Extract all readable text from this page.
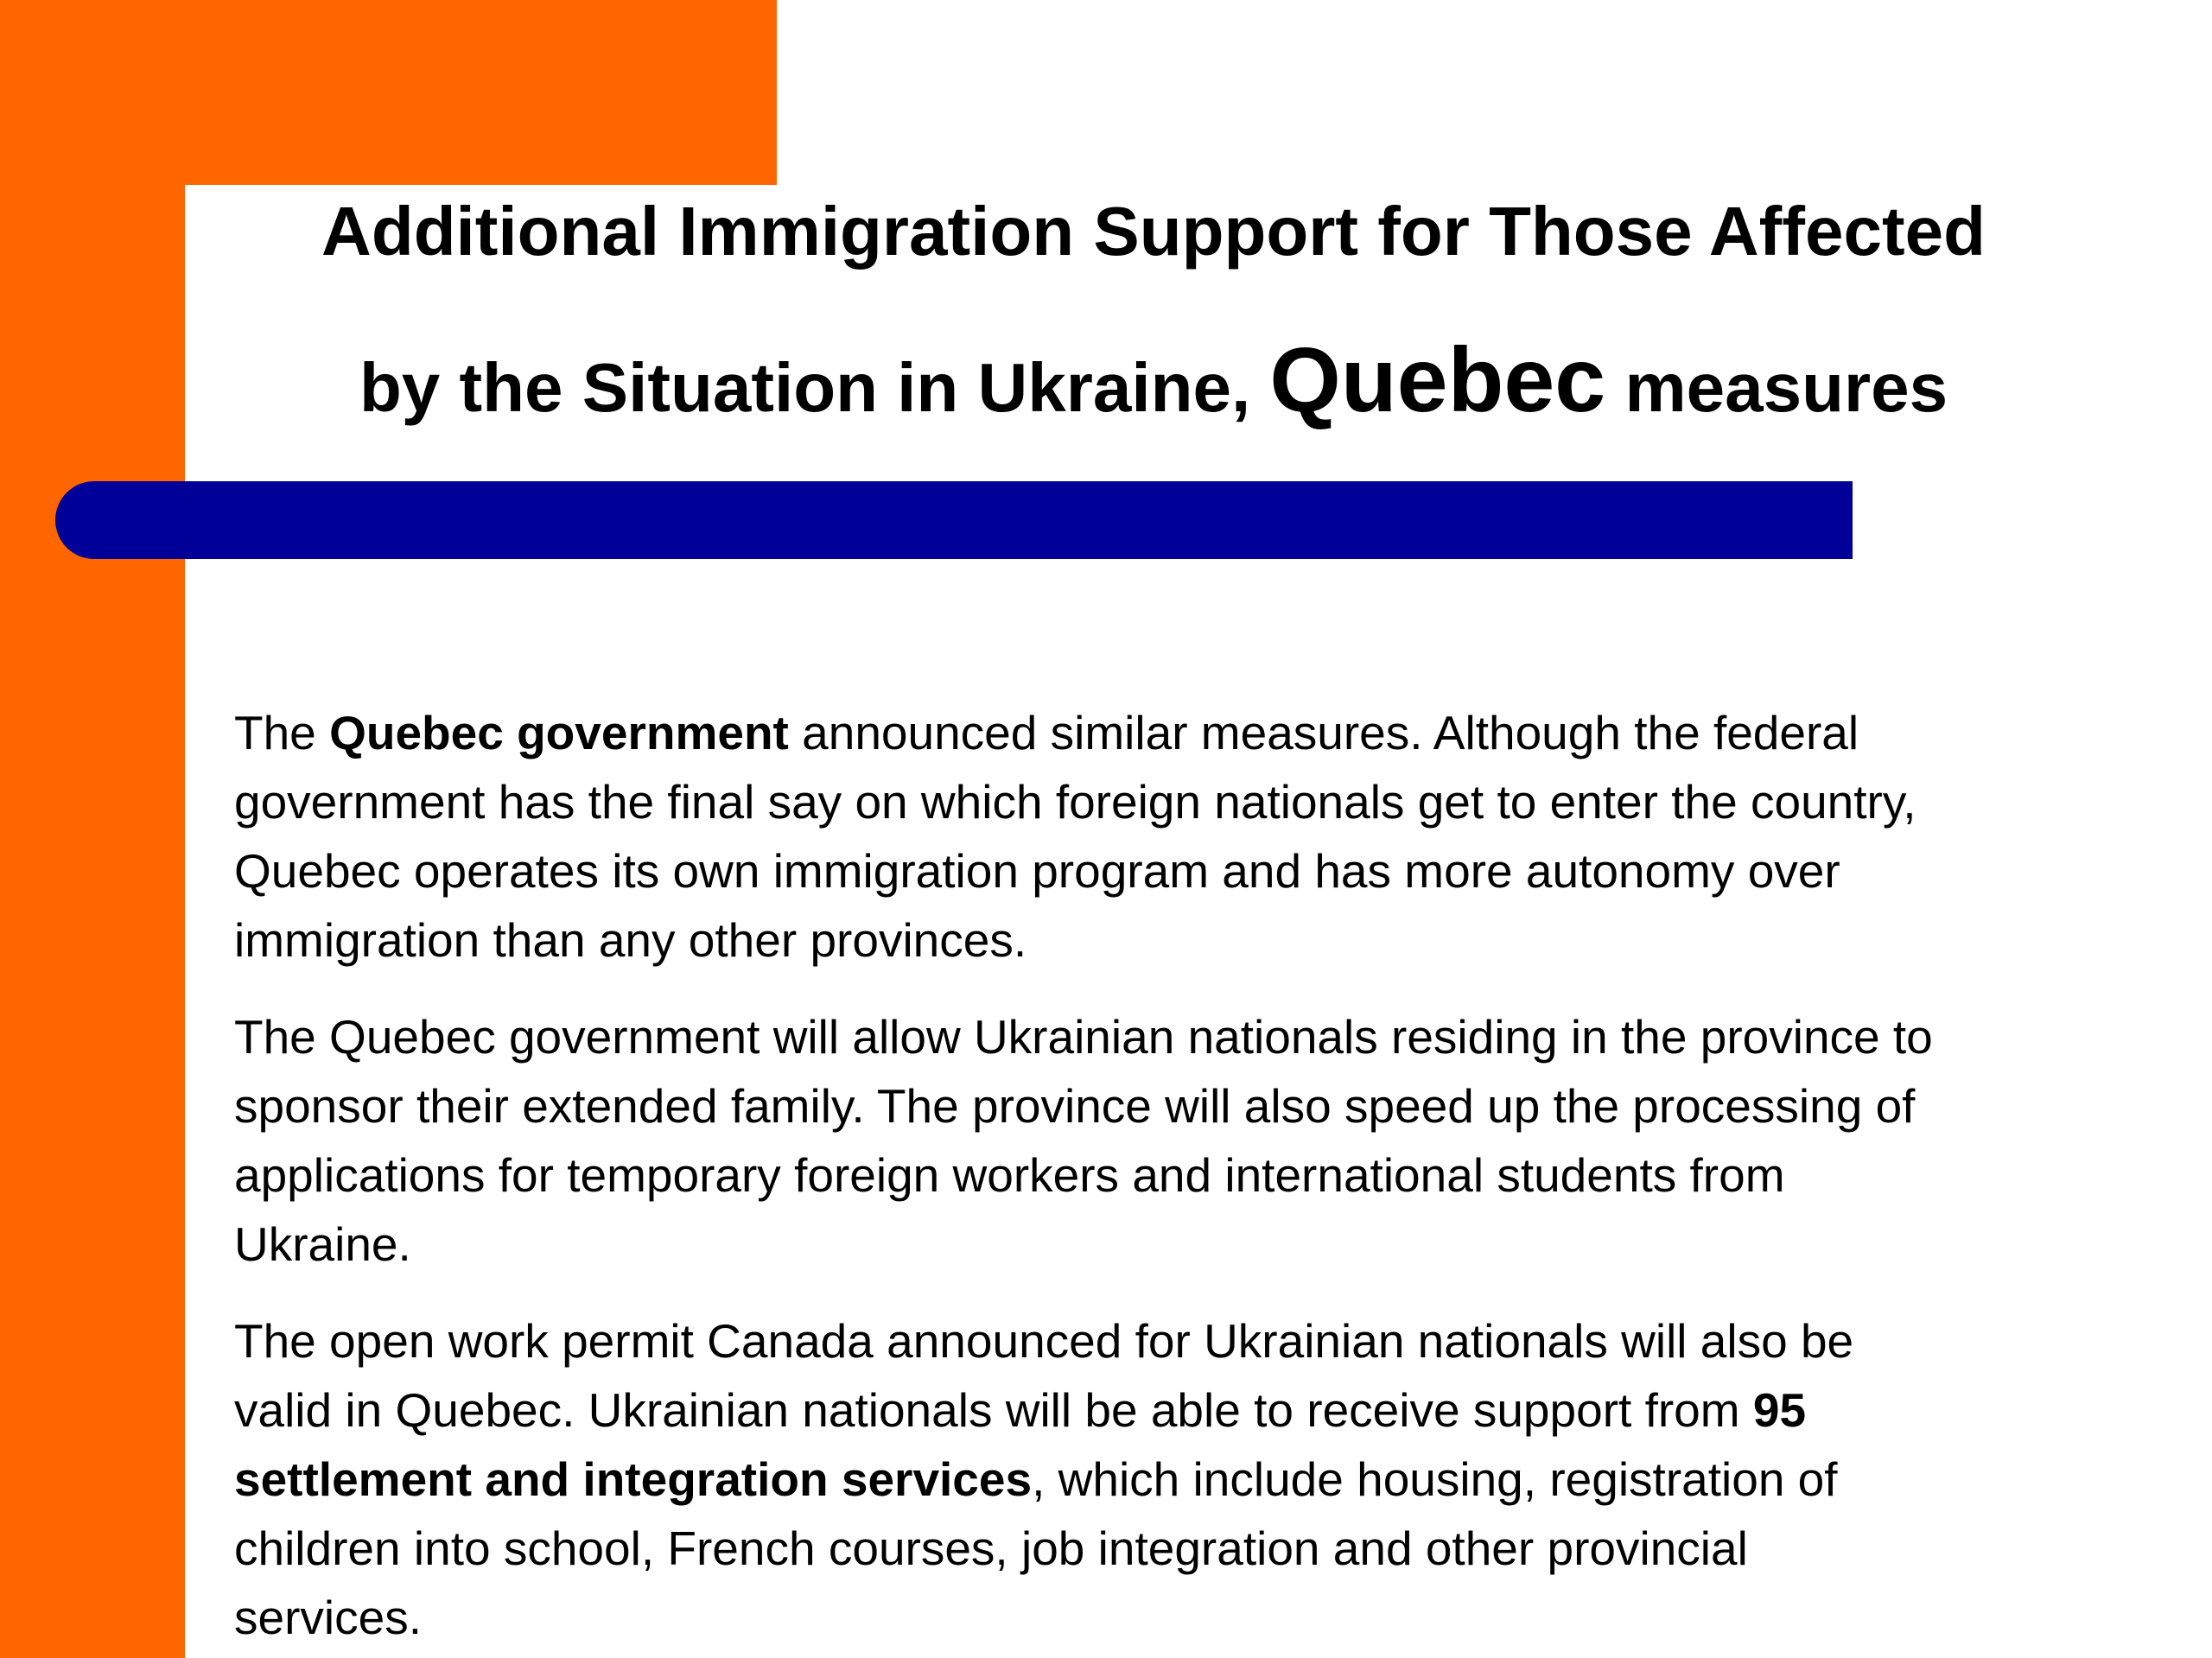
Additional Immigration Support for Those Affected
by the Situation in Ukraine, Quebec measures

The Quebec government announced similar measures. Although the federal
government has the final say on which foreign nationals get to enter the country,
Quebec operates its own immigration program and has more autonomy over
immigration than any other provinces.

The Quebec government will allow Ukrainian nationals residing in the province to
sponsor their extended family. The province will also speed up the processing of
applications for temporary foreign workers and international students from
Ukraine.

The open work permit Canada announced for Ukrainian nationals will also be
valid in Quebec. Ukrainian nationals will be able to receive support from 95
settlement and integration services, which include housing, registration of
children into school, French courses, job integration and other provincial
services.
